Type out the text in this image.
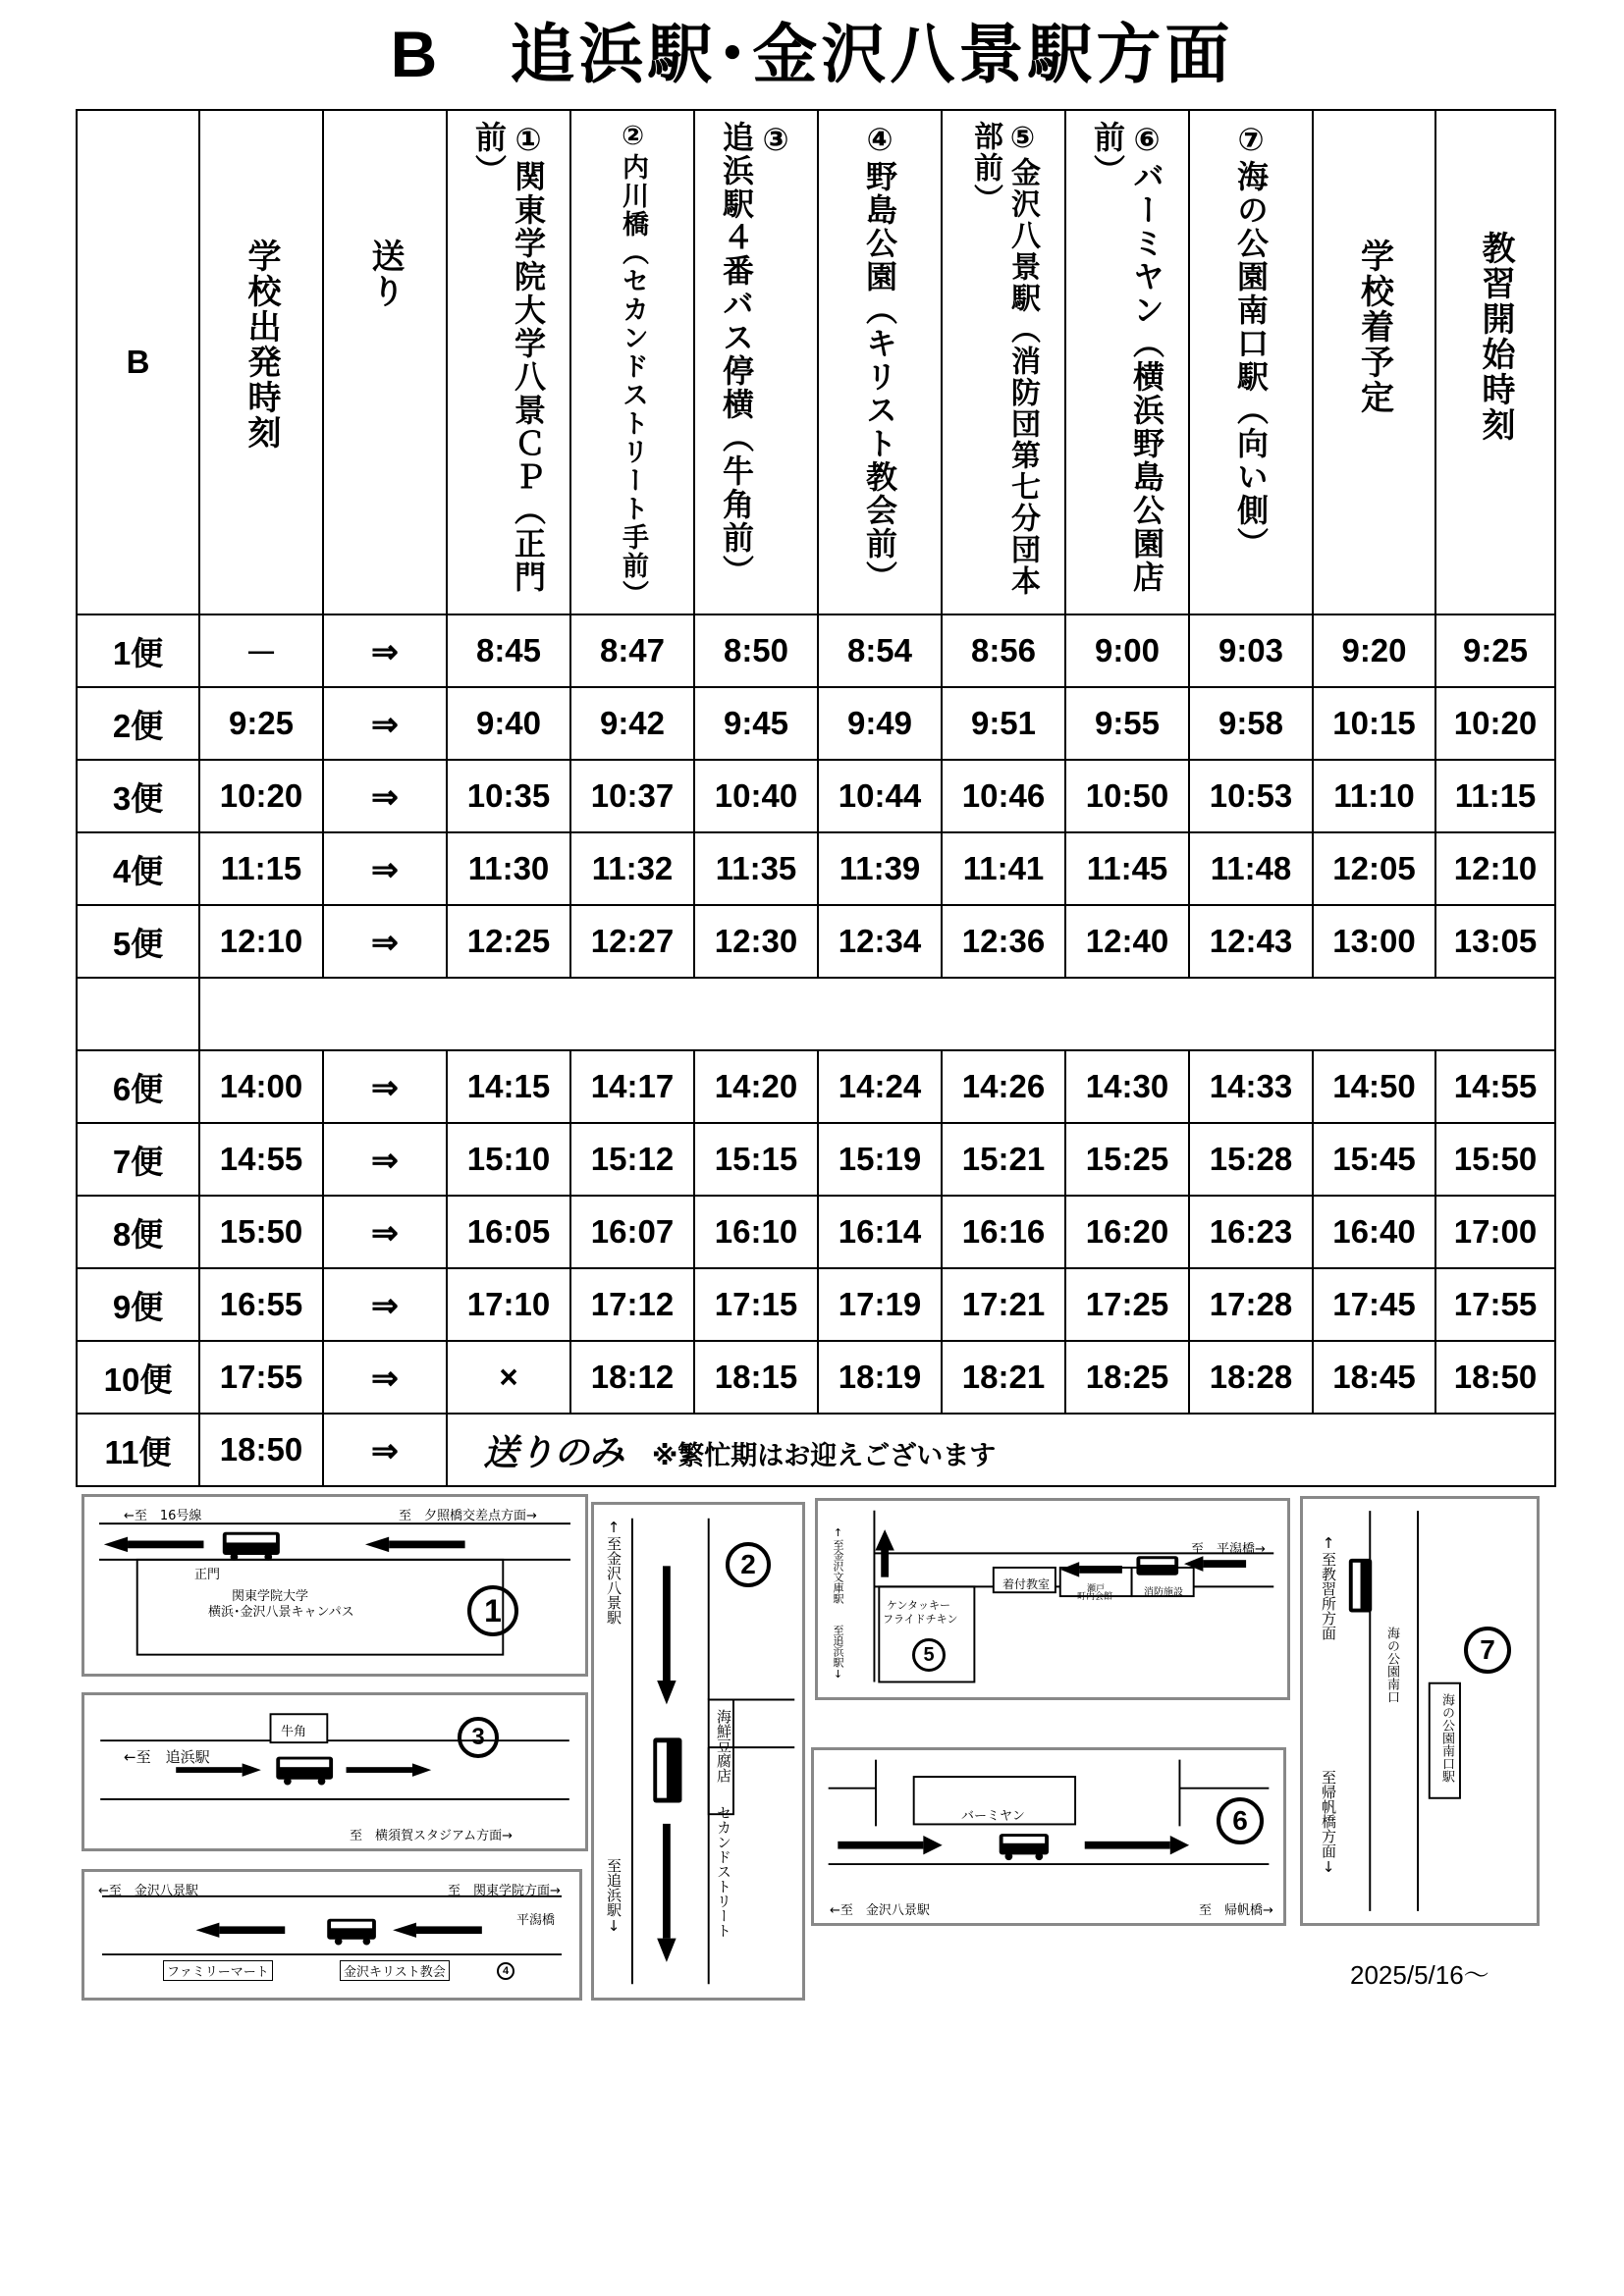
B 追浜駅･金沢八景駅方面
B	学校出発時刻	送り	①関東学院大学八景ＣＰ（正門前）	②内川橋（セカンドストリート手前）	③追浜駅４番バス停横（牛角前）	④野島公園（キリスト教会前）	⑤金沢八景駅（消防団第七分団本部前）	⑥バーミヤン（横浜野島公園店前）	⑦海の公園南口駅（向い側）	学校着予定	教習開始時刻

1便	－	⇒	8:45	8:47	8:50	8:54	8:56	9:00	9:03	9:20	9:25
2便	9:25	⇒	9:40	9:42	9:45	9:49	9:51	9:55	9:58	10:15	10:20
3便	10:20	⇒	10:35	10:37	10:40	10:44	10:46	10:50	10:53	11:10	11:15
4便	11:15	⇒	11:30	11:32	11:35	11:39	11:41	11:45	11:48	12:05	12:10
5便	12:10	⇒	12:25	12:27	12:30	12:34	12:36	12:40	12:43	13:00	13:05

6便	14:00	⇒	14:15	14:17	14:20	14:24	14:26	14:30	14:33	14:50	14:55
7便	14:55	⇒	15:10	15:12	15:15	15:19	15:21	15:25	15:28	15:45	15:50
8便	15:50	⇒	16:05	16:07	16:10	16:14	16:16	16:20	16:23	16:40	17:00
9便	16:55	⇒	17:10	17:12	17:15	17:19	17:21	17:25	17:28	17:45	17:55
10便	17:55	⇒	×	18:12	18:15	18:19	18:21	18:25	18:28	18:45	18:50
11便	18:50	⇒	送りのみ ※繁忙期はお迎えございます								
←至　16号線	至　夕照橋交差点方面→
正門
関東学院大学
横浜･金沢八景キャンパス	1
牛角
←至　追浜駅
至　横須賀スタジアム方面→
3
←至　金沢八景駅	至　関東学院方面→
平潟橋
ファミリーマート	金沢キリスト教会	4
↑至金沢八景駅
至追浜駅↓
海鮮豆腐店
セカンドストリート
2	至　平潟橋→
↑至金沢文庫駅
至追浜駅↓
ケンタッキー
フライドチキン
着付教室	瀬戸
町内会館	消防施設
5
バーミヤン
←至　金沢八景駅	至　帰帆橋→
6
↑至教習所方面
至帰帆橋方面↓
海の公園南口
海の公園南口駅
7
2025/5/16〜
